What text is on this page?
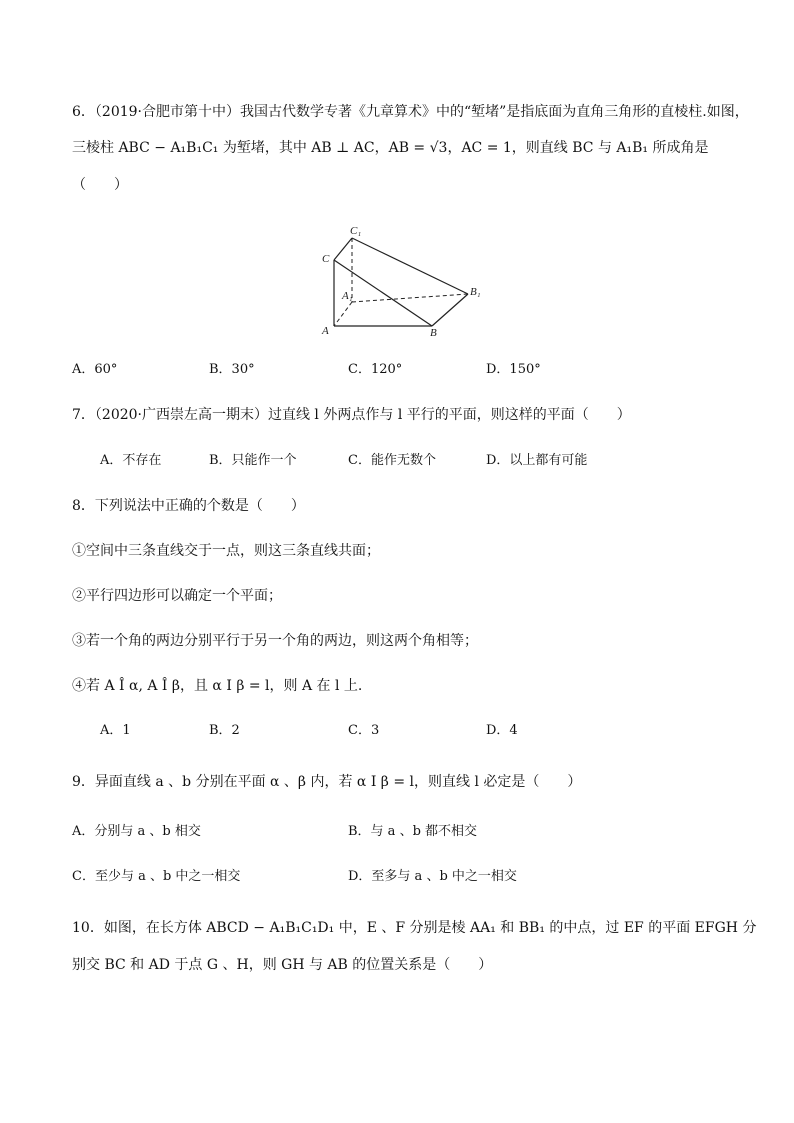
6．（2019·合肥市第十中）我国古代数学专著《九章算术》中的“堑堵”是指底面为直角三角形的直棱柱.如图，
三棱柱 ABC − A₁B₁C₁ 为堑堵，其中 AB ⊥ AC，AB = √3，AC = 1，则直线 BC 与 A₁B₁ 所成角是
（　　）
C₁
C
A₁	B₁
A	B
A．60°	B．30°	C．120°	D．150°
7．（2020·广西崇左高一期末）过直线 l 外两点作与 l 平行的平面，则这样的平面（　　）
A．不存在	B．只能作一个	C．能作无数个	D．以上都有可能
8．下列说法中正确的个数是（　　）
①空间中三条直线交于一点，则这三条直线共面；
②平行四边形可以确定一个平面；
③若一个角的两边分别平行于另一个角的两边，则这两个角相等；
④若 A Î α, A Î β，且 α I β = l，则 A 在 l 上.
A．1	B．2	C．3	D．4
9．异面直线 a 、b 分别在平面 α 、β 内，若 α I β = l，则直线 l 必定是（　　）
A．分别与 a 、b 相交	B．与 a 、b 都不相交
C．至少与 a 、b 中之一相交	D．至多与 a 、b 中之一相交
10．如图，在长方体 ABCD − A₁B₁C₁D₁ 中，E 、F 分别是棱 AA₁ 和 BB₁ 的中点，过 EF 的平面 EFGH 分
别交 BC 和 AD 于点 G 、H，则 GH 与 AB 的位置关系是（　　）
